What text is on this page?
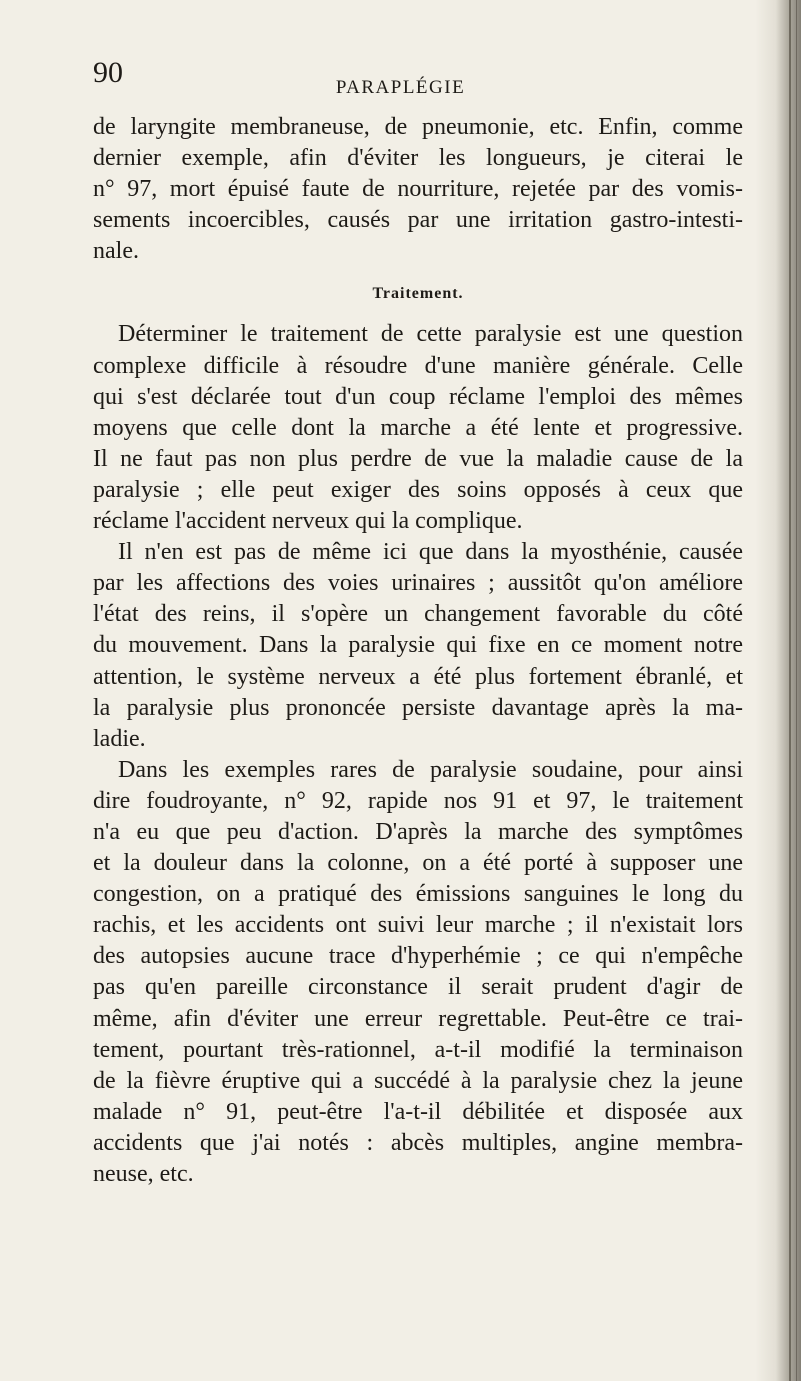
90	PARAPLÉGIE
de laryngite membraneuse, de pneumonie, etc. Enfin, comme
dernier exemple, afin d'éviter les longueurs, je citerai le
n° 97, mort épuisé faute de nourriture, rejetée par des vomis-
sements incoercibles, causés par une irritation gastro-intesti-
nale.
Traitement.
Déterminer le traitement de cette paralysie est une question
complexe difficile à résoudre d'une manière générale. Celle
qui s'est déclarée tout d'un coup réclame l'emploi des mêmes
moyens que celle dont la marche a été lente et progressive.
Il ne faut pas non plus perdre de vue la maladie cause de la
paralysie ; elle peut exiger des soins opposés à ceux que
réclame l'accident nerveux qui la complique.
Il n'en est pas de même ici que dans la myosthénie, causée
par les affections des voies urinaires ; aussitôt qu'on améliore
l'état des reins, il s'opère un changement favorable du côté
du mouvement. Dans la paralysie qui fixe en ce moment notre
attention, le système nerveux a été plus fortement ébranlé, et
la paralysie plus prononcée persiste davantage après la ma-
ladie.
Dans les exemples rares de paralysie soudaine, pour ainsi
dire foudroyante, n° 92, rapide nos 91 et 97, le traitement
n'a eu que peu d'action. D'après la marche des symptômes
et la douleur dans la colonne, on a été porté à supposer une
congestion, on a pratiqué des émissions sanguines le long du
rachis, et les accidents ont suivi leur marche ; il n'existait lors
des autopsies aucune trace d'hyperhémie ; ce qui n'empêche
pas qu'en pareille circonstance il serait prudent d'agir de
même, afin d'éviter une erreur regrettable. Peut-être ce trai-
tement, pourtant très-rationnel, a-t-il modifié la terminaison
de la fièvre éruptive qui a succédé à la paralysie chez la jeune
malade n° 91, peut-être l'a-t-il débilitée et disposée aux
accidents que j'ai notés : abcès multiples, angine membra-
neuse, etc.
